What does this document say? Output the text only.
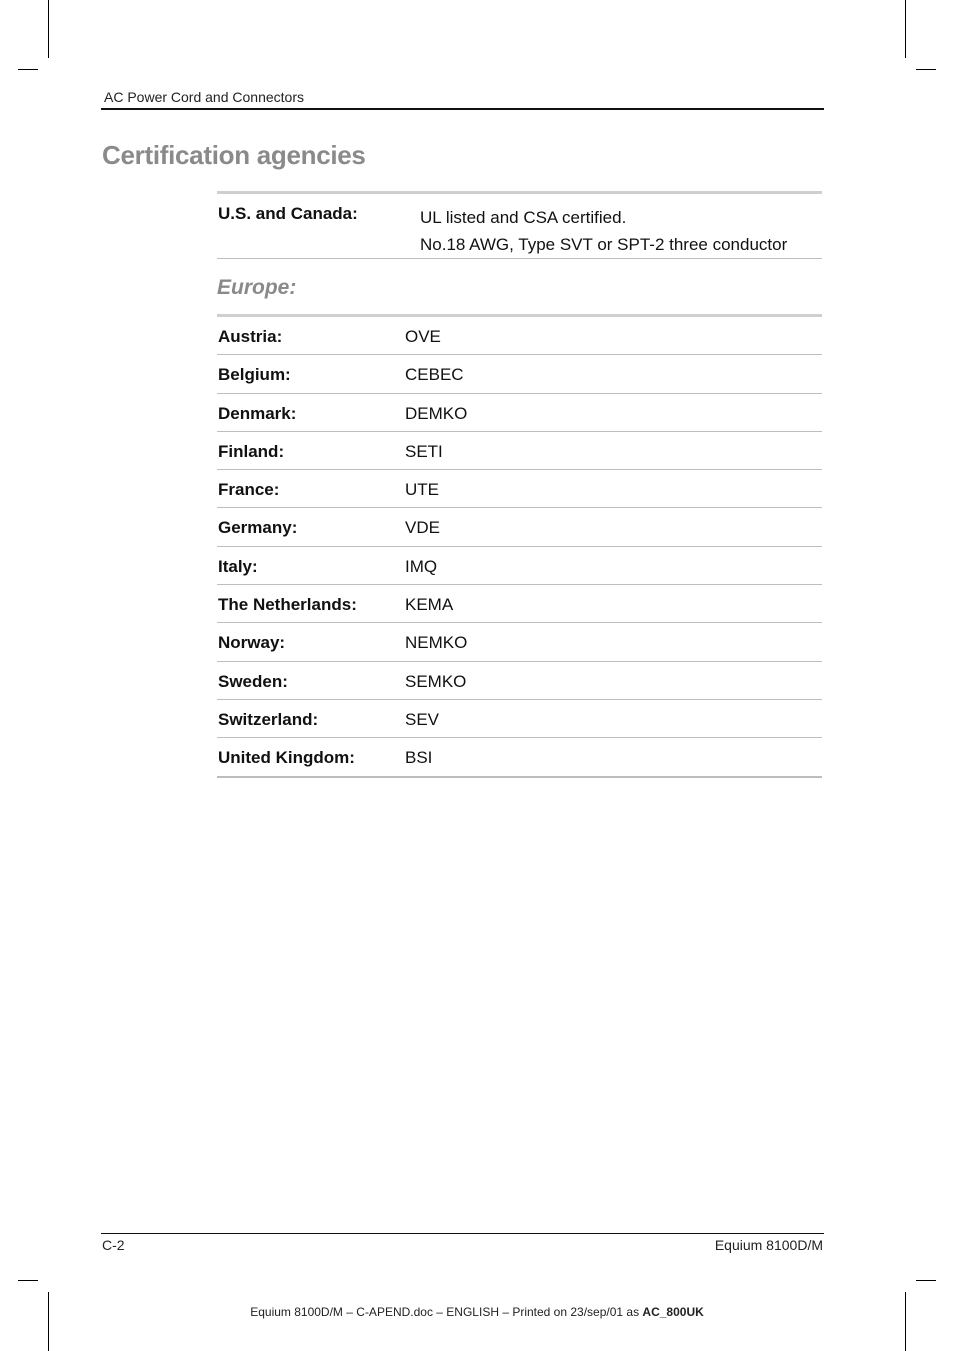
AC Power Cord and Connectors
Certification agencies
U.S. and Canada:	UL listed and CSA certified.
No.18 AWG, Type SVT or SPT-2 three conductor
Europe:
Austria:	OVE
Belgium:	CEBEC
Denmark:	DEMKO
Finland:	SETI
France:	UTE
Germany:	VDE
Italy:	IMQ
The Netherlands:	KEMA
Norway:	NEMKO
Sweden:	SEMKO
Switzerland:	SEV
United Kingdom:	BSI
C-2	Equium 8100D/M
Equium 8100D/M – C-APEND.doc – ENGLISH – Printed on 23/sep/01 as AC_800UK
